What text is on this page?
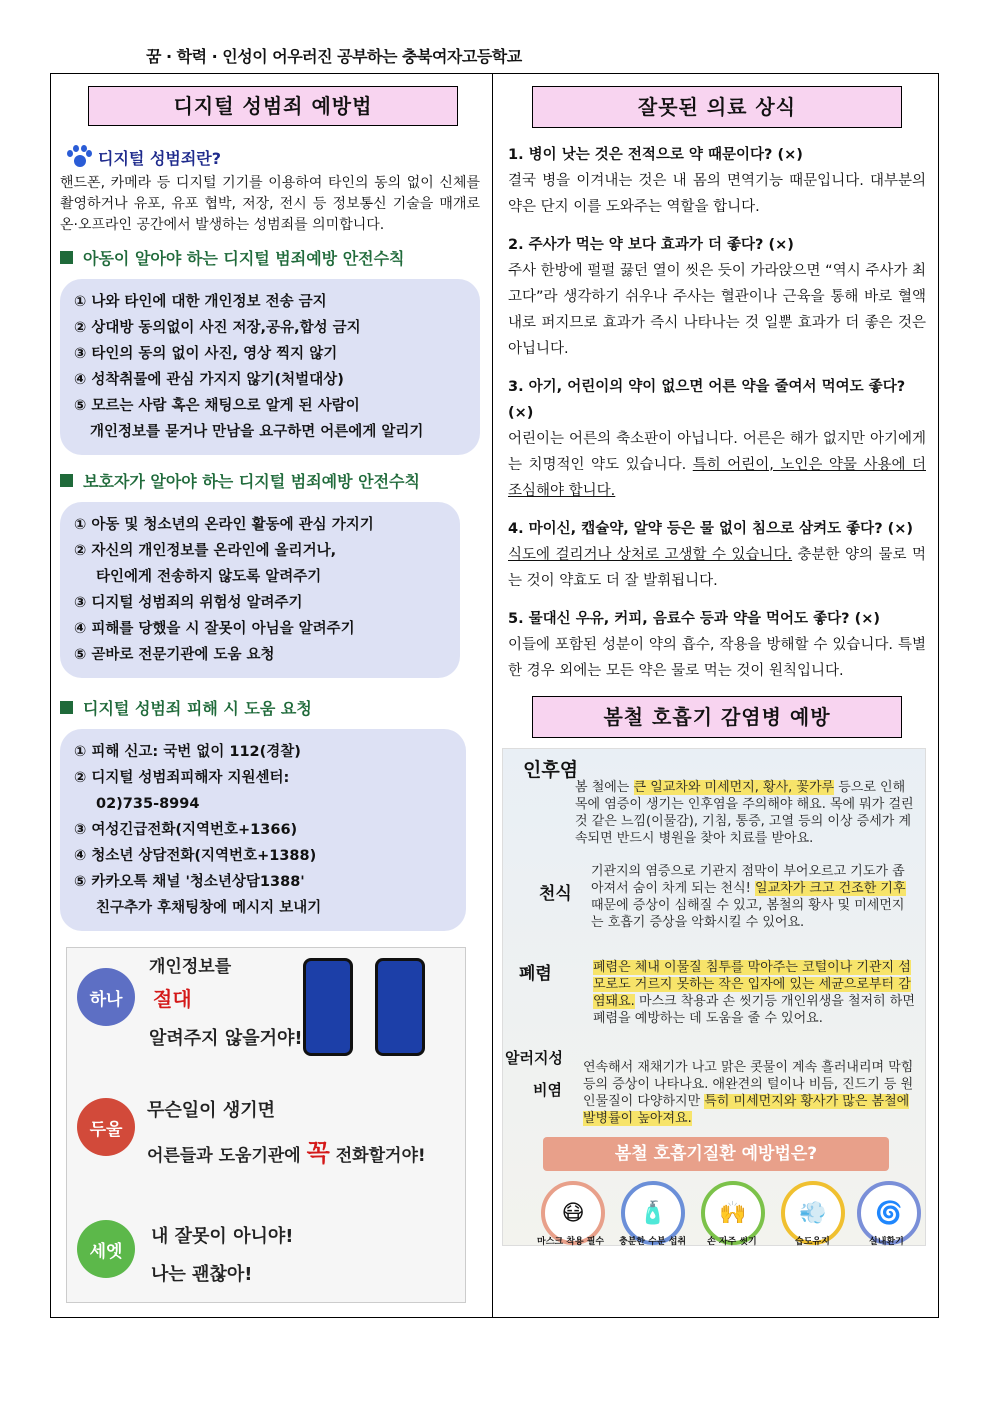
꿈 · 학력 · 인성이 어우러진 공부하는 충북여자고등학교
디지털 성범죄 예방법
디지털 성범죄란?

핸드폰, 카메라 등 디지털 기기를 이용하여 타인의 동의 없이 신체를 촬영하거나 유포, 유포 협박, 저장, 전시 등 정보통신 기술을 매개로 온·오프라인 공간에서 발생하는 성범죄를 의미합니다.

아동이 알아야 하는 디지털 범죄예방 안전수칙
① 나와 타인에 대한 개인정보 전송 금지
② 상대방 동의없이 사진 저장,공유,합성 금지
③ 타인의 동의 없이 사진, 영상 찍지 않기
④ 성착취물에 관심 가지지 않기(처벌대상)
⑤ 모르는 사람 혹은 채팅으로 알게 된 사람이
개인정보를 묻거나 만남을 요구하면 어른에게 알리기
보호자가 알아야 하는 디지털 범죄예방 안전수칙
① 아동 및 청소년의 온라인 활동에 관심 가지기
② 자신의 개인정보를 온라인에 올리거나,
타인에게 전송하지 않도록 알려주기
③ 디지털 성범죄의 위험성 알려주기
④ 피해를 당했을 시 잘못이 아님을 알려주기
⑤ 곧바로 전문기관에 도움 요청
디지털 성범죄 피해 시 도움 요청
① 피해 신고: 국번 없이 112(경찰)
② 디지털 성범죄피해자 지원센터:
02)735-8994
③ 여성긴급전화(지역번호+1366)
④ 청소년 상담전화(지역번호+1388)
⑤ 카카오톡 채널 '청소년상담1388'
친구추가 후채팅창에 메시지 보내기
하나
개인정보를
절대
알려주지 않을거야!
두울
무슨일이 생기면
어른들과 도움기관에 꼭 전화할거야!
세엣
내 잘못이 아니야!
나는 괜찮아!
잘못된 의료 상식
1. 병이 낫는 것은 전적으로 약 때문이다? (×)
결국 병을 이겨내는 것은 내 몸의 면역기능 때문입니다. 대부분의 약은 단지 이를 도와주는 역할을 합니다.
2. 주사가 먹는 약 보다 효과가 더 좋다? (×)
주사 한방에 펄펄 끓던 열이 씻은 듯이 가라앉으면 “역시 주사가 최고다”라 생각하기 쉬우나 주사는 혈관이나 근육을 통해 바로 혈액 내로 퍼지므로 효과가 즉시 나타나는 것 일뿐 효과가 더 좋은 것은 아닙니다.
3. 아기, 어린이의 약이 없으면 어른 약을 줄여서 먹여도 좋다? (×)
어린이는 어른의 축소판이 아닙니다. 어른은 해가 없지만 아기에게는 치명적인 약도 있습니다. 특히 어린이, 노인은 약물 사용에 더 조심해야 합니다.
4. 마이신, 캡슐약, 알약 등은 물 없이 침으로 삼켜도 좋다? (×)
식도에 걸리거나 상처로 고생할 수 있습니다. 충분한 양의 물로 먹는 것이 약효도 더 잘 발휘됩니다.
5. 물대신 우유, 커피, 음료수 등과 약을 먹어도 좋다? (×)
이들에 포함된 성분이 약의 흡수, 작용을 방해할 수 있습니다. 특별한 경우 외에는 모든 약은 물로 먹는 것이 원칙입니다.
봄철 호흡기 감염병 예방
인후염
봄 철에는 큰 일교차와 미세먼지, 황사, 꽃가루 등으로 인해 목에 염증이 생기는 인후염을 주의해야 해요. 목에 뭐가 걸린 것 같은 느낌(이물감), 기침, 통증, 고열 등의 이상 증세가 계속되면 반드시 병원을 찾아 치료를 받아요.
천식
기관지의 염증으로 기관지 점막이 부어오르고 기도가 좁아져서 숨이 차게 되는 천식! 일교차가 크고 건조한 기후 때문에 증상이 심해질 수 있고, 봄철의 황사 및 미세먼지는 호흡기 증상을 악화시킬 수 있어요.
폐렴	폐렴은 체내 이물질 침투를 막아주는 코털이나 기관지 섬모로도 거르지 못하는 작은 입자에 있는 세균으로부터 감염돼요. 마스크 착용과 손 씻기등 개인위생을 철저히 하면 폐렴을 예방하는 데 도움을 줄 수 있어요.
알러지성
비염
연속해서 재채기가 나고 맑은 콧물이 계속 흘러내리며 막힘 등의 증상이 나타나요. 애완견의 털이나 비듬, 진드기 등 원인물질이 다양하지만 특히 미세먼지와 황사가 많은 봄철에 발병률이 높아져요.
봄철 호흡기질환 예방법은?
😷	🧴	🙌	💨	🌀
마스크 착용 필수 충분한 수분 섭취 손 자주 씻기	습도유지	실내환기
